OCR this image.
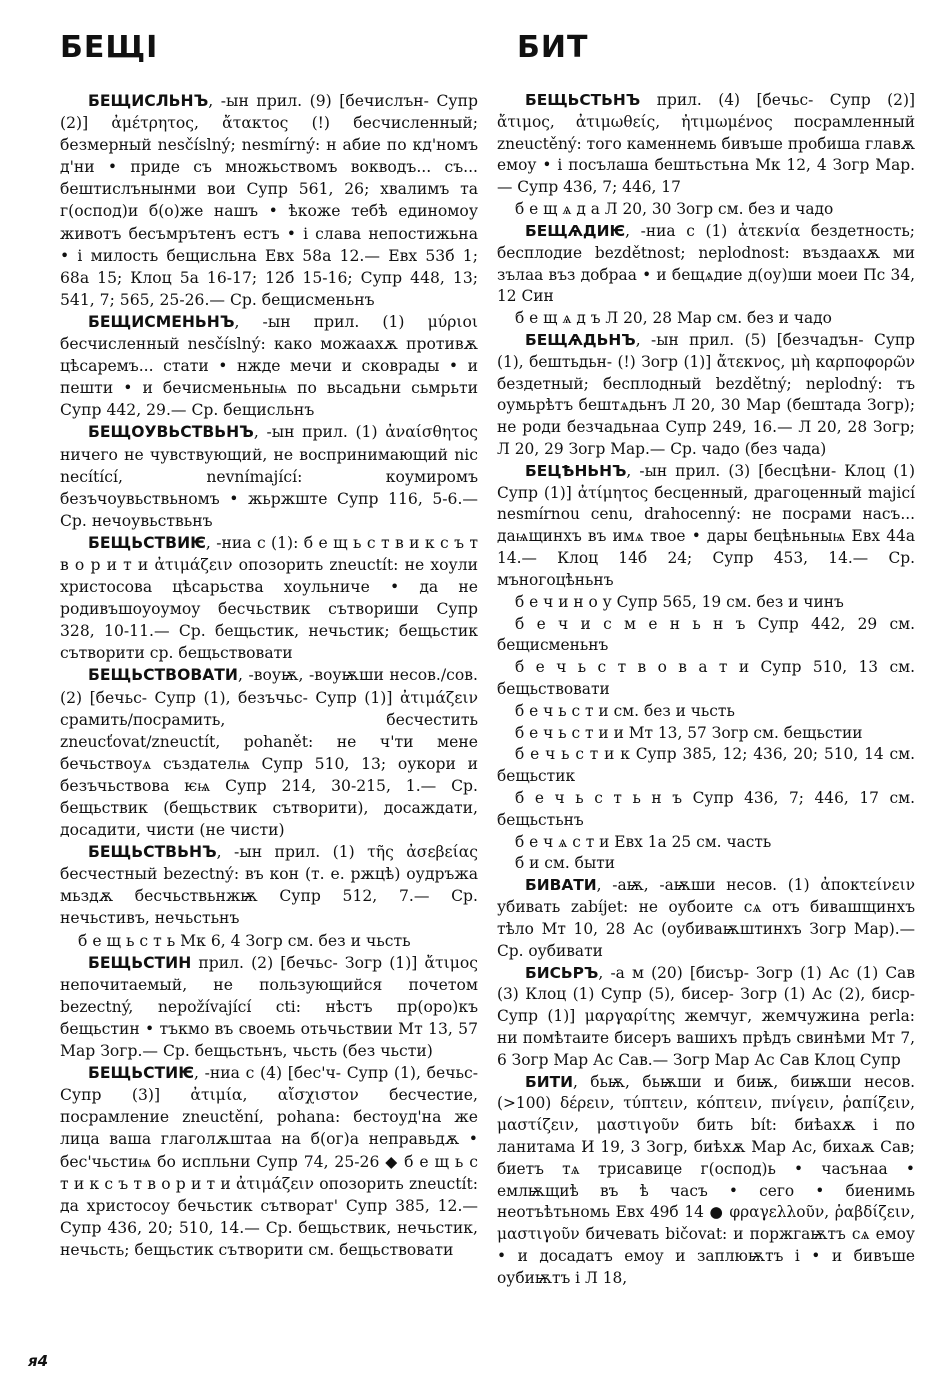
БЕЩІ	БИТ

БЕЩИСЛЬНЪ, -ын прил. (9) [бечислън- Супр (2)] ἀμέτρητος, ἄτακτος (!) бесчисленный; безмерный nesčíslný; nesmírný: н абие по кд'номъ д'ни • приде съ множьствомъ вокводъ... съ... бештислънынми вои Супр 561, 26; хвалимъ та г(оспод)и б(о)же нашъ • ѣкоже тебѣ единомоу животъ бесъмрътенъ естъ • і слава непостижьна • і милость бещисльна Евх 58а 12.— Евх 53б 1; 68а 15; Клоц 5а 16-17; 12б 15-16; Супр 448, 13; 541, 7; 565, 25-26.— Ср. бещисменьнъ

БЕЩИСМЕНЬНЪ, -ын прил. (1) μύριοι бесчисленный nesčíslný: како можаахѫ противѫ цѣсаремъ... стати • нжде мечи и сковрады • и пешти • и бечисменьныѩ по вьсадьни сьмрьти Супр 442, 29.— Ср. бещисльнъ

БЕЩОУВЬСТВЬНЪ, -ын прил. (1) ἀναίσθητος ничего не чувствующий, не воспринимающий nic necítící, nevnímající: коумиромъ безъчоувьствьномъ • жьржште Супр 116, 5-6.— Ср. нечоувьствьнъ

БЕЩЬСТВИѤ, -ниа с (1): б е щ ь с т в и к с ъ т в о р и т и ἀτιμάζειν опозорить zneuctít: не хоули христосова цѣсарьства хоульниче • да не родивъшоуоумоу бесчьствик сътвориши Супр 328, 10-11.— Ср. бещьстик, нечьстик; бещьстик сътворити ср. бещьствовати

БЕЩЬСТВОВАТИ, -воуѭ, -воуѭши несов./сов. (2) [бечьс- Супр (1), безъчьс- Супр (1)] ἀτιμάζειν срамить/посрамить, бесчестить zneucťovat/zneuctít, pohanět: не ч'ти мене бечьствоуѧ създателѩ Супр 510, 13; оукори и безъчьствова ѥѩ Супр 214, 30-215, 1.— Ср. бещьствик (бещьствик сътворити), досаждати, досадити, чисти (не чисти)

БЕЩЬСТВЬНЪ, -ын прил. (1) τῆς ἀσεβείας бесчестный bezectný: въ кон (т. е. ржцѣ) оудръжа мьздѫ бесчьствьнжѭ Супр 512, 7.— Ср. нечьстивъ, нечьстьнъ

б е щ ь с т ь Мк 6, 4 Зогр см. без и чьсть

БЕЩЬСТИН прил. (2) [бечьс- Зогр (1)] ἄτιμος непочитаемый, не пользующийся почетом bezectný, nepožívající cti: нѣстъ пр(оро)къ бещьстин • тъкмо въ своемь отьчьствии Мт 13, 57 Мар Зогр.— Ср. бещьстьнъ, чьсть (без чьсти)

БЕЩЬСТИѤ, -ниа с (4) [бес'ч- Супр (1), бечьс- Супр (3)] ἀτιμία, αἴσχιστον бесчестие, посрамление zneuctění, pohana: бестоуд'на же лица ваша глаголѫштаа на б(ог)а неправьдѫ • бес'чьстиѩ бо испльни Супр 74, 25-26 ◆ б е щ ь с т и к с ъ т в о р и т и ἀτιμάζειν опозорить zneuctít: да христосоу бечьстик сътворат' Супр 385, 12.— Супр 436, 20; 510, 14.— Ср. бещьствик, нечьстик, нечьсть; бещьстик сътворити см. бещьствовати

БЕЩЬСТЬНЪ прил. (4) [бечьс- Супр (2)] ἄτιμος, ἀτιμωθείς, ἠτιμωμένος посрамленный zneuctěný: того каменнемь бивъше пробиша главѫ емоу • і посълаша бештьстьна Мк 12, 4 Зогр Мар.— Супр 436, 7; 446, 17

б е щ ѧ д а Л 20, 30 Зогр см. без и чадо

БЕЩѦДИѤ, -ниа с (1) ἀτεκνία бездетность; бесплодие bezdětnost; neplodnost: въздаахѫ ми зълаа въз добраа • и бещѧдие д(оу)ши моеи Пс 34, 12 Син

б е щ ѧ д ъ Л 20, 28 Мар см. без и чадо

БЕЩѦДЬНЪ, -ын прил. (5) [безчадън- Супр (1), бештьдьн- (!) Зогр (1)] ἄτεκνος, μὴ καρποφορῶν бездетный; бесплодный bezdětný; neplodný: тъ оумьрѣтъ бештѧдьнъ Л 20, 30 Мар (бештада Зогр); не роди безчадьнаа Супр 249, 16.— Л 20, 28 Зогр; Л 20, 29 Зогр Мар.— Ср. чадо (без чада)

БЕЦѢНЬНЪ, -ын прил. (3) [бесцѣни- Клоц (1) Супр (1)] ἀτίμητος бесценный, драгоценный majicí nesmírnou cenu, drahocenný: не посрами насъ... даѩщинхъ въ имѧ твое • дары бецѣньныѩ Евх 44а 14.— Клоц 14б 24; Супр 453, 14.— Ср. мъногоцѣньнъ

б е ч и н о у Супр 565, 19 см. без и чинъ

б е ч и с м е н ь н ъ Супр 442, 29 см. бещисменьнъ

б е ч ь с т в о в а т и Супр 510, 13 см. бещьствовати

б е ч ь с т и см. без и чьсть

б е ч ь с т и и Мт 13, 57 Зогр см. бещьстии

б е ч ь с т и к Супр 385, 12; 436, 20; 510, 14 см. бещьстик

б е ч ь с т ь н ъ Супр 436, 7; 446, 17 см. бещьстьнъ

б е ч ѧ с т и Евх 1а 25 см. часть

б и см. быти

БИВАТИ, -аѭ, -аѭши несов. (1) ἀποκτείνειν убивать zabíjet: не оубоите сѧ отъ бивашщинхъ тѣло Мт 10, 28 Ас (оубиваѭштинхъ Зогр Мар).— Ср. оубивати

БИСЬРЪ, -а м (20) [бисър- Зогр (1) Ас (1) Сав (3) Клоц (1) Супр (5), бисер- Зогр (1) Ас (2), биср- Супр (1)] μαργαρίτης жемчуг, жемчужина perla: ни помѣтаите бисеръ вашихъ прѣдъ свинѣми Мт 7, 6 Зогр Мар Ас Сав.— Зогр Мар Ас Сав Клоц Супр

БИТИ, бьѭ, бьѭши и биѭ, биѭши несов. (>100) δέρειν, τύπτειν, κόπτειν, πνίγειν, ῥαπίζειν, μαστίζειν, μαστιγοῦν бить bít: биѣахѫ і по ланитама И 19, 3 Зогр, биѣхѫ Мар Ас, бихаѫ Сав; биетъ тѧ трисавице г(оспод)ь • часънаа • емлѭщиѣ въ ѣ часъ • сего • биенимь неотъѣтьномь Евх 49б 14 ● φραγελλοῦν, ῥαβδίζειν, μαστιγοῦν бичевать bičovat: и поржгаѭтъ сѧ емоу • и досадатъ емоу и заплюѭтъ і • и бивъше оубиѭтъ і Л 18,

я4
